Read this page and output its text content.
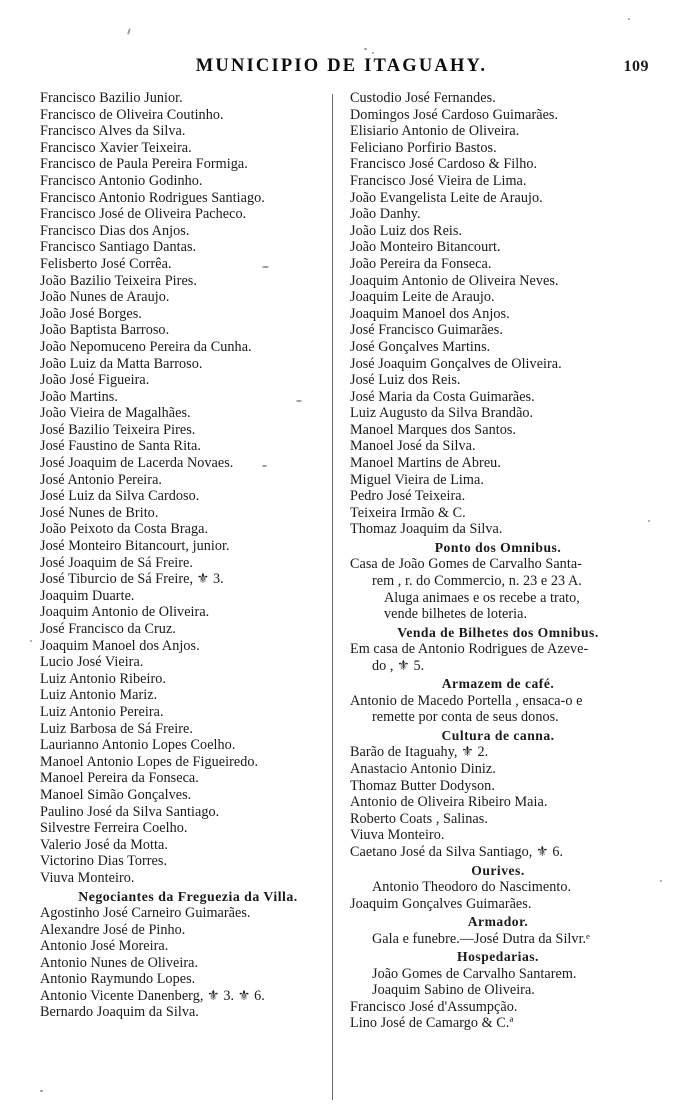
MUNICIPIO DE ITAGUAHY.	109
Francisco Bazilio Junior.
Francisco de Oliveira Coutinho.
Francisco Alves da Silva.
Francisco Xavier Teixeira.
Francisco de Paula Pereira Formiga.
Francisco Antonio Godinho.
Francisco Antonio Rodrigues Santiago.
Francisco José de Oliveira Pacheco.
Francisco Dias dos Anjos.
Francisco Santiago Dantas.
Felisberto José Corrêa.
João Bazilio Teixeira Pires.
João Nunes de Araujo.
João José Borges.
João Baptista Barroso.
João Nepomuceno Pereira da Cunha.
João Luiz da Matta Barroso.
João José Figueira.
João Martins.
João Vieira de Magalhães.
José Bazilio Teixeira Pires.
José Faustino de Santa Rita.
José Joaquim de Lacerda Novaes.
José Antonio Pereira.
José Luiz da Silva Cardoso.
José Nunes de Brito.
João Peixoto da Costa Braga.
José Monteiro Bitancourt, junior.
José Joaquim de Sá Freire.
José Tiburcio de Sá Freire, ⚜ 3.
Joaquim Duarte.
Joaquim Antonio de Oliveira.
José Francisco da Cruz.
Joaquim Manoel dos Anjos.
Lucio José Vieira.
Luiz Antonio Ribeiro.
Luiz Antonio Mariz.
Luiz Antonio Pereira.
Luiz Barbosa de Sá Freire.
Laurianno Antonio Lopes Coelho.
Manoel Antonio Lopes de Figueiredo.
Manoel Pereira da Fonseca.
Manoel Simão Gonçalves.
Paulino José da Silva Santiago.
Silvestre Ferreira Coelho.
Valerio José da Motta.
Victorino Dias Torres.
Viuva Monteiro.
Negociantes da Freguezia da Villa.
Agostinho José Carneiro Guimarães.
Alexandre José de Pinho.
Antonio José Moreira.
Antonio Nunes de Oliveira.
Antonio Raymundo Lopes.
Antonio Vicente Danenberg, ⚜ 3. ⚜ 6.
Bernardo Joaquim da Silva.
Custodio José Fernandes.
Domingos José Cardoso Guimarães.
Elisiario Antonio de Oliveira.
Feliciano Porfirio Bastos.
Francisco José Cardoso & Filho.
Francisco José Vieira de Lima.
João Evangelista Leite de Araujo.
João Danhy.
João Luiz dos Reis.
João Monteiro Bitancourt.
João Pereira da Fonseca.
Joaquim Antonio de Oliveira Neves.
Joaquim Leite de Araujo.
Joaquim Manoel dos Anjos.
José Francisco Guimarães.
José Gonçalves Martins.
José Joaquim Gonçalves de Oliveira.
José Luiz dos Reis.
José Maria da Costa Guimarães.
Luiz Augusto da Silva Brandão.
Manoel Marques dos Santos.
Manoel José da Silva.
Manoel Martins de Abreu.
Miguel Vieira de Lima.
Pedro José Teixeira.
Teixeira Irmão & C.
Thomaz Joaquim da Silva.
Ponto dos Omnibus.
Casa de João Gomes de Carvalho Santa-
rem , r. do Commercio, n. 23 e 23 A.
Aluga animaes e os recebe a trato,
vende bilhetes de loteria.
Venda de Bilhetes dos Omnibus.
Em casa de Antonio Rodrigues de Azeve-
do , ⚜ 5.
Armazem de café.
Antonio de Macedo Portella , ensaca-o e
remette por conta de seus donos.
Cultura de canna.
Barão de Itaguahy, ⚜ 2.
Anastacio Antonio Diniz.
Thomaz Butter Dodyson.
Antonio de Oliveira Ribeiro Maia.
Roberto Coats , Salinas.
Viuva Monteiro.
Caetano José da Silva Santiago, ⚜ 6.
Ourives.
Antonio Theodoro do Nascimento.
Joaquim Gonçalves Guimarães.
Armador.
Gala e funebre.—José Dutra da Silvr.ᵉ
Hospedarias.
João Gomes de Carvalho Santarem.
Joaquim Sabino de Oliveira.
Francisco José d'Assumpção.
Lino José de Camargo & C.ª
